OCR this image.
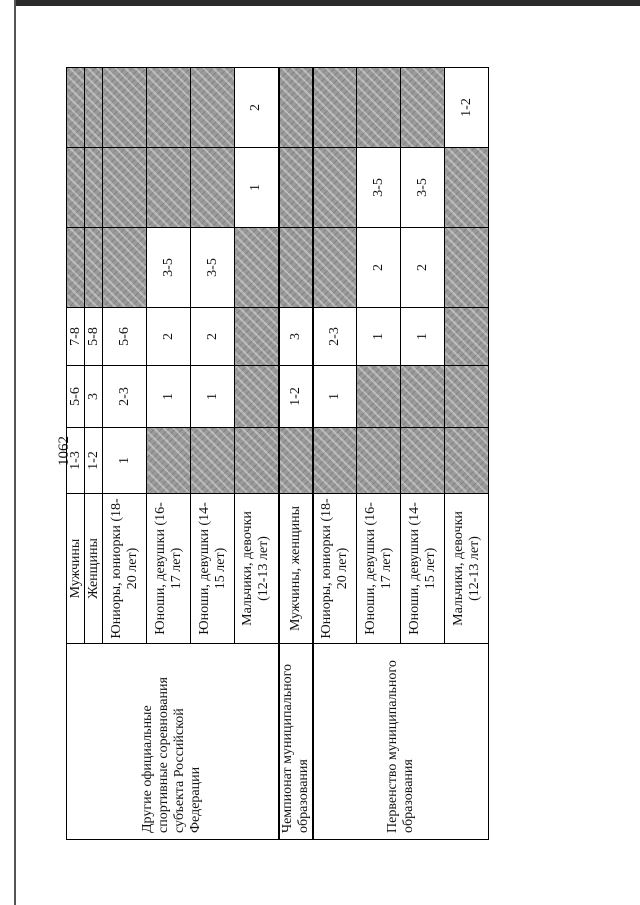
1062
Другие официальные спортивные соревнования субъекта Российской Федерации	Мужчины	1-3	5-6	7-8			
	Женщины	1-2	3	5-8			
	Юниоры, юниорки (18-20 лет)	1	2-3	5-6			
	Юноши, девушки (16-17 лет)		1	2	3-5		
	Юноши, девушки (14-15 лет)		1	2	3-5		
	Мальчики, девочки (12-13 лет)					1	2
Чемпионат муниципального образования	Мужчины, женщины		1-2	3			
Первенство муниципального образования	Юниоры, юниорки (18-20 лет)		1	2-3			
	Юноши, девушки (16-17 лет)			1	2	3-5	
	Юноши, девушки (14-15 лет)			1	2	3-5	
	Мальчики, девочки (12-13 лет)						1-2
